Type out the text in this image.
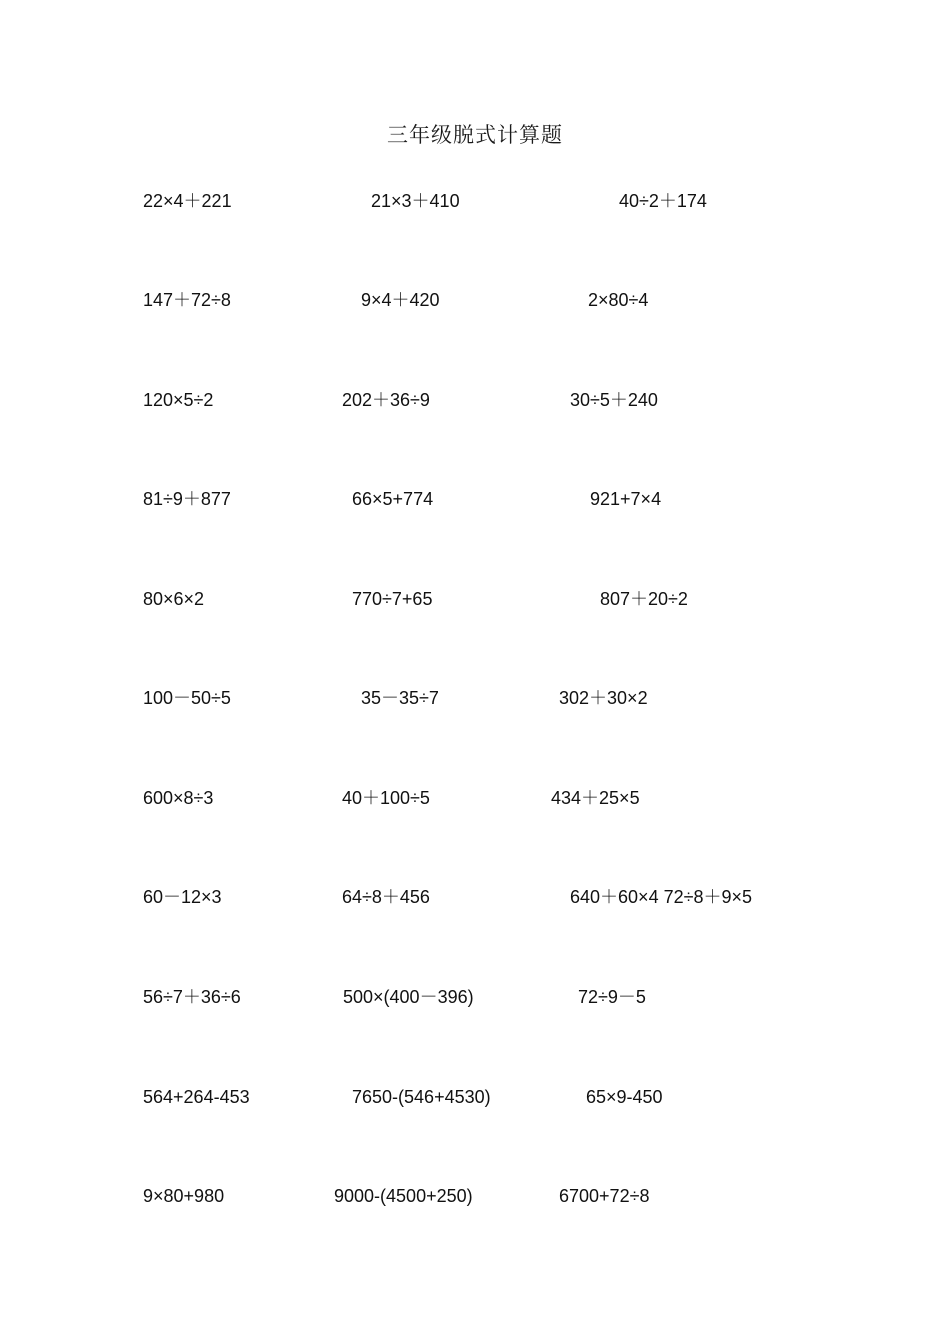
三年级脱式计算题
22×4＋221	21×3＋410	40÷2＋174
147＋72÷8	9×4＋420	2×80÷4
120×5÷2	202＋36÷9	30÷5＋240
81÷9＋877	66×5+774	921+7×4
80×6×2	770÷7+65	807＋20÷2
100－50÷5	35－35÷7	302＋30×2
600×8÷3	40＋100÷5	434＋25×5
60－12×3	64÷8＋456	640＋60×4 72÷8＋9×5
56÷7＋36÷6	500×(400－396)	72÷9－5
564+264-453	7650-(546+4530)	65×9-450
9×80+980	9000-(4500+250)	6700+72÷8
